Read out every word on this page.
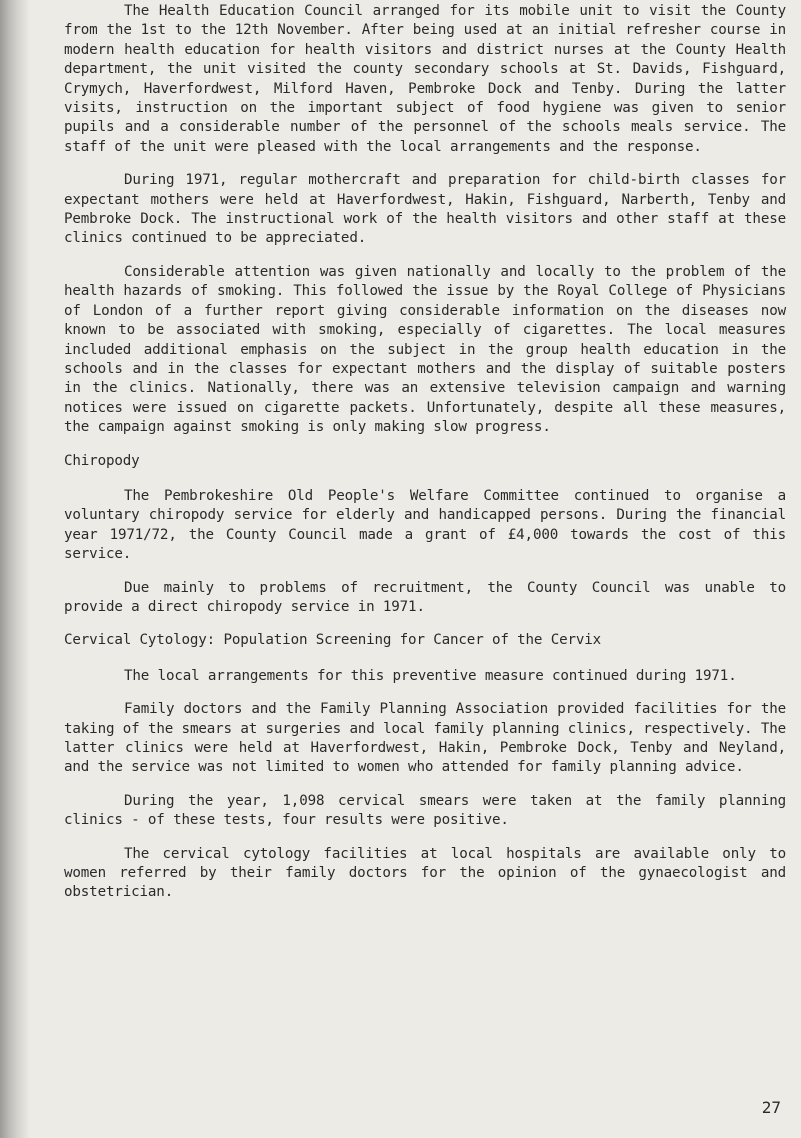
The Health Education Council arranged for its mobile unit to visit the County from the 1st to the 12th November. After being used at an initial refresher course in modern health education for health visitors and district nurses at the County Health department, the unit visited the county secondary schools at St. Davids, Fishguard, Crymych, Haverfordwest, Milford Haven, Pembroke Dock and Tenby. During the latter visits, instruction on the important subject of food hygiene was given to senior pupils and a considerable number of the personnel of the schools meals service. The staff of the unit were pleased with the local arrangements and the response.

During 1971, regular mothercraft and preparation for child-birth classes for expectant mothers were held at Haverfordwest, Hakin, Fishguard, Narberth, Tenby and Pembroke Dock. The instructional work of the health visitors and other staff at these clinics continued to be appreciated.

Considerable attention was given nationally and locally to the problem of the health hazards of smoking. This followed the issue by the Royal College of Physicians of London of a further report giving considerable information on the diseases now known to be associated with smoking, especially of cigarettes. The local measures included additional emphasis on the subject in the group health education in the schools and in the classes for expectant mothers and the display of suitable posters in the clinics. Nationally, there was an extensive television campaign and warning notices were issued on cigarette packets. Unfortunately, despite all these measures, the campaign against smoking is only making slow progress.

Chiropody

The Pembrokeshire Old People's Welfare Committee continued to organise a voluntary chiropody service for elderly and handicapped persons. During the financial year 1971/72, the County Council made a grant of £4,000 towards the cost of this service.

Due mainly to problems of recruitment, the County Council was unable to provide a direct chiropody service in 1971.

Cervical Cytology: Population Screening for Cancer of the Cervix

The local arrangements for this preventive measure continued during 1971.

Family doctors and the Family Planning Association provided facilities for the taking of the smears at surgeries and local family planning clinics, respectively. The latter clinics were held at Haverfordwest, Hakin, Pembroke Dock, Tenby and Neyland, and the service was not limited to women who attended for family planning advice.

During the year, 1,098 cervical smears were taken at the family planning clinics - of these tests, four results were positive.

The cervical cytology facilities at local hospitals are available only to women referred by their family doctors for the opinion of the gynaecologist and obstetrician.

27
